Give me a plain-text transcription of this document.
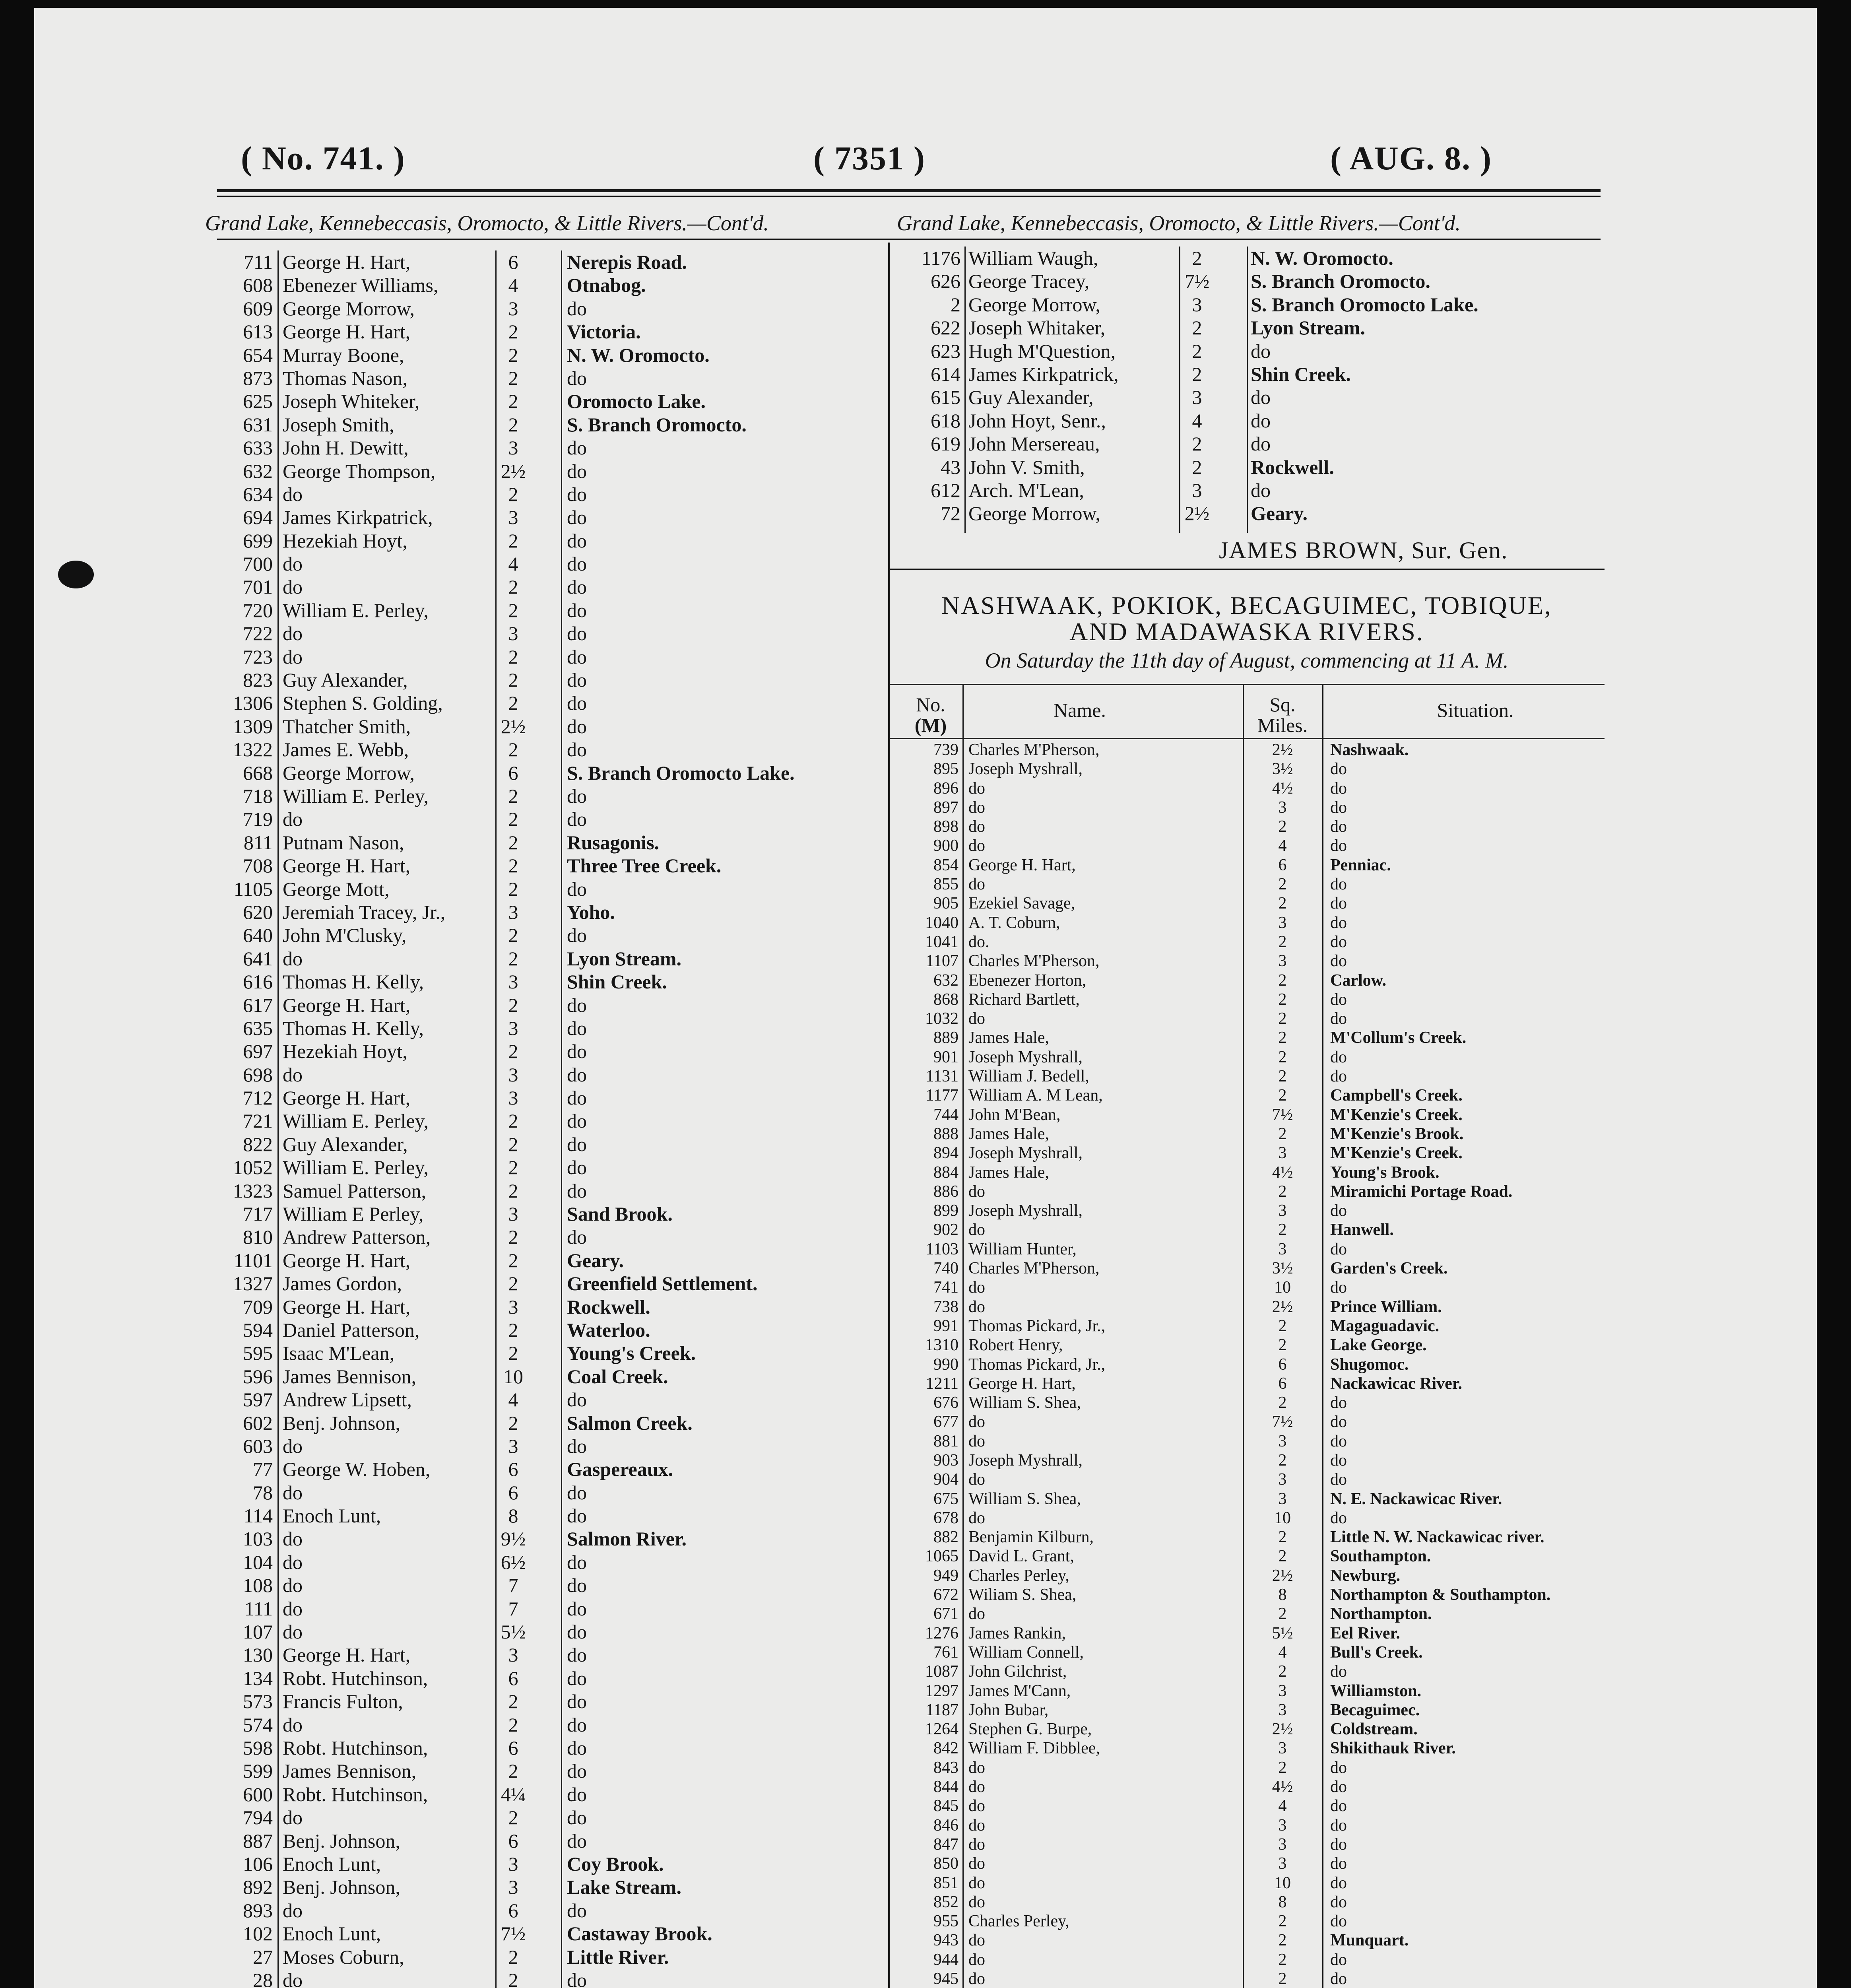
( No. 741. )	( 7351 )	( AUG. 8. )
Grand Lake, Kennebeccasis, Oromocto, & Little Rivers.—Cont'd.	Grand Lake, Kennebeccasis, Oromocto, & Little Rivers.—Cont'd.
711 George H. Hart,	6	Nerepis Road.
608 Ebenezer Williams,	4	Otnabog.
609 George Morrow,	3	do
613 George H. Hart,	2	Victoria.
654 Murray Boone,	2	N. W. Oromocto.
873 Thomas Nason,	2	do
625 Joseph Whiteker,	2	Oromocto Lake.
631 Joseph Smith,	2	S. Branch Oromocto.
633 John H. Dewitt,	3	do
632 George Thompson,	2½ do
634 do	2	do
694 James Kirkpatrick,	3	do
699 Hezekiah Hoyt,	2	do
700 do	4	do
701 do	2	do
720 William E. Perley,	2	do
722 do	3	do
723 do	2	do
823 Guy Alexander,	2	do
1306 Stephen S. Golding,	2	do
1309 Thatcher Smith,	2½ do
1322 James E. Webb,	2	do
668 George Morrow,	6	S. Branch Oromocto Lake.
718 William E. Perley,	2	do
719 do	2	do
811 Putnam Nason,	2	Rusagonis.
708 George H. Hart,	2	Three Tree Creek.
1105 George Mott,	2	do
620 Jeremiah Tracey, Jr.,	3	Yoho.
640 John M'Clusky,	2	do
641 do	2	Lyon Stream.
616 Thomas H. Kelly,	3	Shin Creek.
617 George H. Hart,	2	do
635 Thomas H. Kelly,	3	do
697 Hezekiah Hoyt,	2	do
698 do	3	do
712 George H. Hart,	3	do
721 William E. Perley,	2	do
822 Guy Alexander,	2	do
1052 William E. Perley,	2	do
1323 Samuel Patterson,	2	do
717 William E Perley,	3	Sand Brook.
810 Andrew Patterson,	2	do
1101 George H. Hart,	2	Geary.
1327 James Gordon,	2	Greenfield Settlement.
709 George H. Hart,	3	Rockwell.
594 Daniel Patterson,	2	Waterloo.
595 Isaac M'Lean,	2	Young's Creek.
596 James Bennison,	10	Coal Creek.
597 Andrew Lipsett,	4	do
602 Benj. Johnson,	2	Salmon Creek.
603 do	3	do
77 George W. Hoben,	6	Gaspereaux.
78 do	6	do
114 Enoch Lunt,	8	do
103 do	9½ Salmon River.
104 do	6½ do
108 do	7	do
111 do	7	do
107 do	5½ do
130 George H. Hart,	3	do
134 Robt. Hutchinson,	6	do
573 Francis Fulton,	2	do
574 do	2	do
598 Robt. Hutchinson,	6	do
599 James Bennison,	2	do
600 Robt. Hutchinson,	4¼ do
794 do	2	do
887 Benj. Johnson,	6	do
106 Enoch Lunt,	3	Coy Brook.
892 Benj. Johnson,	3	Lake Stream.
893 do	6	do
102 Enoch Lunt,	7½ Castaway Brook.
27 Moses Coburn,	2	Little River.
28 do	2	do
1176 William Waugh,	2	N. W. Oromocto.
626 George Tracey,	7½ S. Branch Oromocto.
2 George Morrow,	3	S. Branch Oromocto Lake.
622 Joseph Whitaker,	2	Lyon Stream.
623 Hugh M'Question,	2	do
614 James Kirkpatrick,	2	Shin Creek.
615 Guy Alexander,	3	do
618 John Hoyt, Senr.,	4	do
619 John Mersereau,	2	do
43 John V. Smith,	2	Rockwell.
612 Arch. M'Lean,	3	do
72 George Morrow,	2½ Geary.
JAMES BROWN, Sur. Gen.
NASHWAAK, POKIOK, BECAGUIMEC, TOBIQUE,
AND MADAWASKA RIVERS.
On Saturday the 11th day of August, commencing at 11 A. M.
No.
(M)
Name.	Sq.
Miles.
Situation.
739 Charles M'Pherson,	2½	Nashwaak.
895 Joseph Myshrall,	3½	do
896 do	4½	do
897 do	3	do
898 do	2	do
900 do	4	do
854 George H. Hart,	6	Penniac.
855 do	2	do
905 Ezekiel Savage,	2	do
1040 A. T. Coburn,	3	do
1041 do.	2	do
1107 Charles M'Pherson,	3	do
632 Ebenezer Horton,	2	Carlow.
868 Richard Bartlett,	2	do
1032 do	2	do
889 James Hale,	2	M'Collum's Creek.
901 Joseph Myshrall,	2	do
1131 William J. Bedell,	2	do
1177 William A. M Lean,	2	Campbell's Creek.
744 John M'Bean,	7½	M'Kenzie's Creek.
888 James Hale,	2	M'Kenzie's Brook.
894 Joseph Myshrall,	3	M'Kenzie's Creek.
884 James Hale,	4½	Young's Brook.
886 do	2	Miramichi Portage Road.
899 Joseph Myshrall,	3	do
902 do	2	Hanwell.
1103 William Hunter,	3	do
740 Charles M'Pherson,	3½	Garden's Creek.
741 do	10	do
738 do	2½	Prince William.
991 Thomas Pickard, Jr.,	2	Magaguadavic.
1310 Robert Henry,	2	Lake George.
990 Thomas Pickard, Jr.,	6	Shugomoc.
1211 George H. Hart,	6	Nackawicac River.
676 William S. Shea,	2	do
677 do	7½	do
881 do	3	do
903 Joseph Myshrall,	2	do
904 do	3	do
675 William S. Shea,	3	N. E. Nackawicac River.
678 do	10	do
882 Benjamin Kilburn,	2	Little N. W. Nackawicac river.
1065 David L. Grant,	2	Southampton.
949 Charles Perley,	2½	Newburg.
672 Wiliam S. Shea,	8	Northampton & Southampton.
671 do	2	Northampton.
1276 James Rankin,	5½	Eel River.
761 William Connell,	4	Bull's Creek.
1087 John Gilchrist,	2	do
1297 James M'Cann,	3	Williamston.
1187 John Bubar,	3	Becaguimec.
1264 Stephen G. Burpe,	2½	Coldstream.
842 William F. Dibblee,	3	Shikithauk River.
843 do	2	do
844 do	4½	do
845 do	4	do
846 do	3	do
847 do	3	do
850 do	3	do
851 do	10	do
852 do	8	do
955 Charles Perley,	2	do
943 do	2	Munquart.
944 do	2	do
945 do	2	do
